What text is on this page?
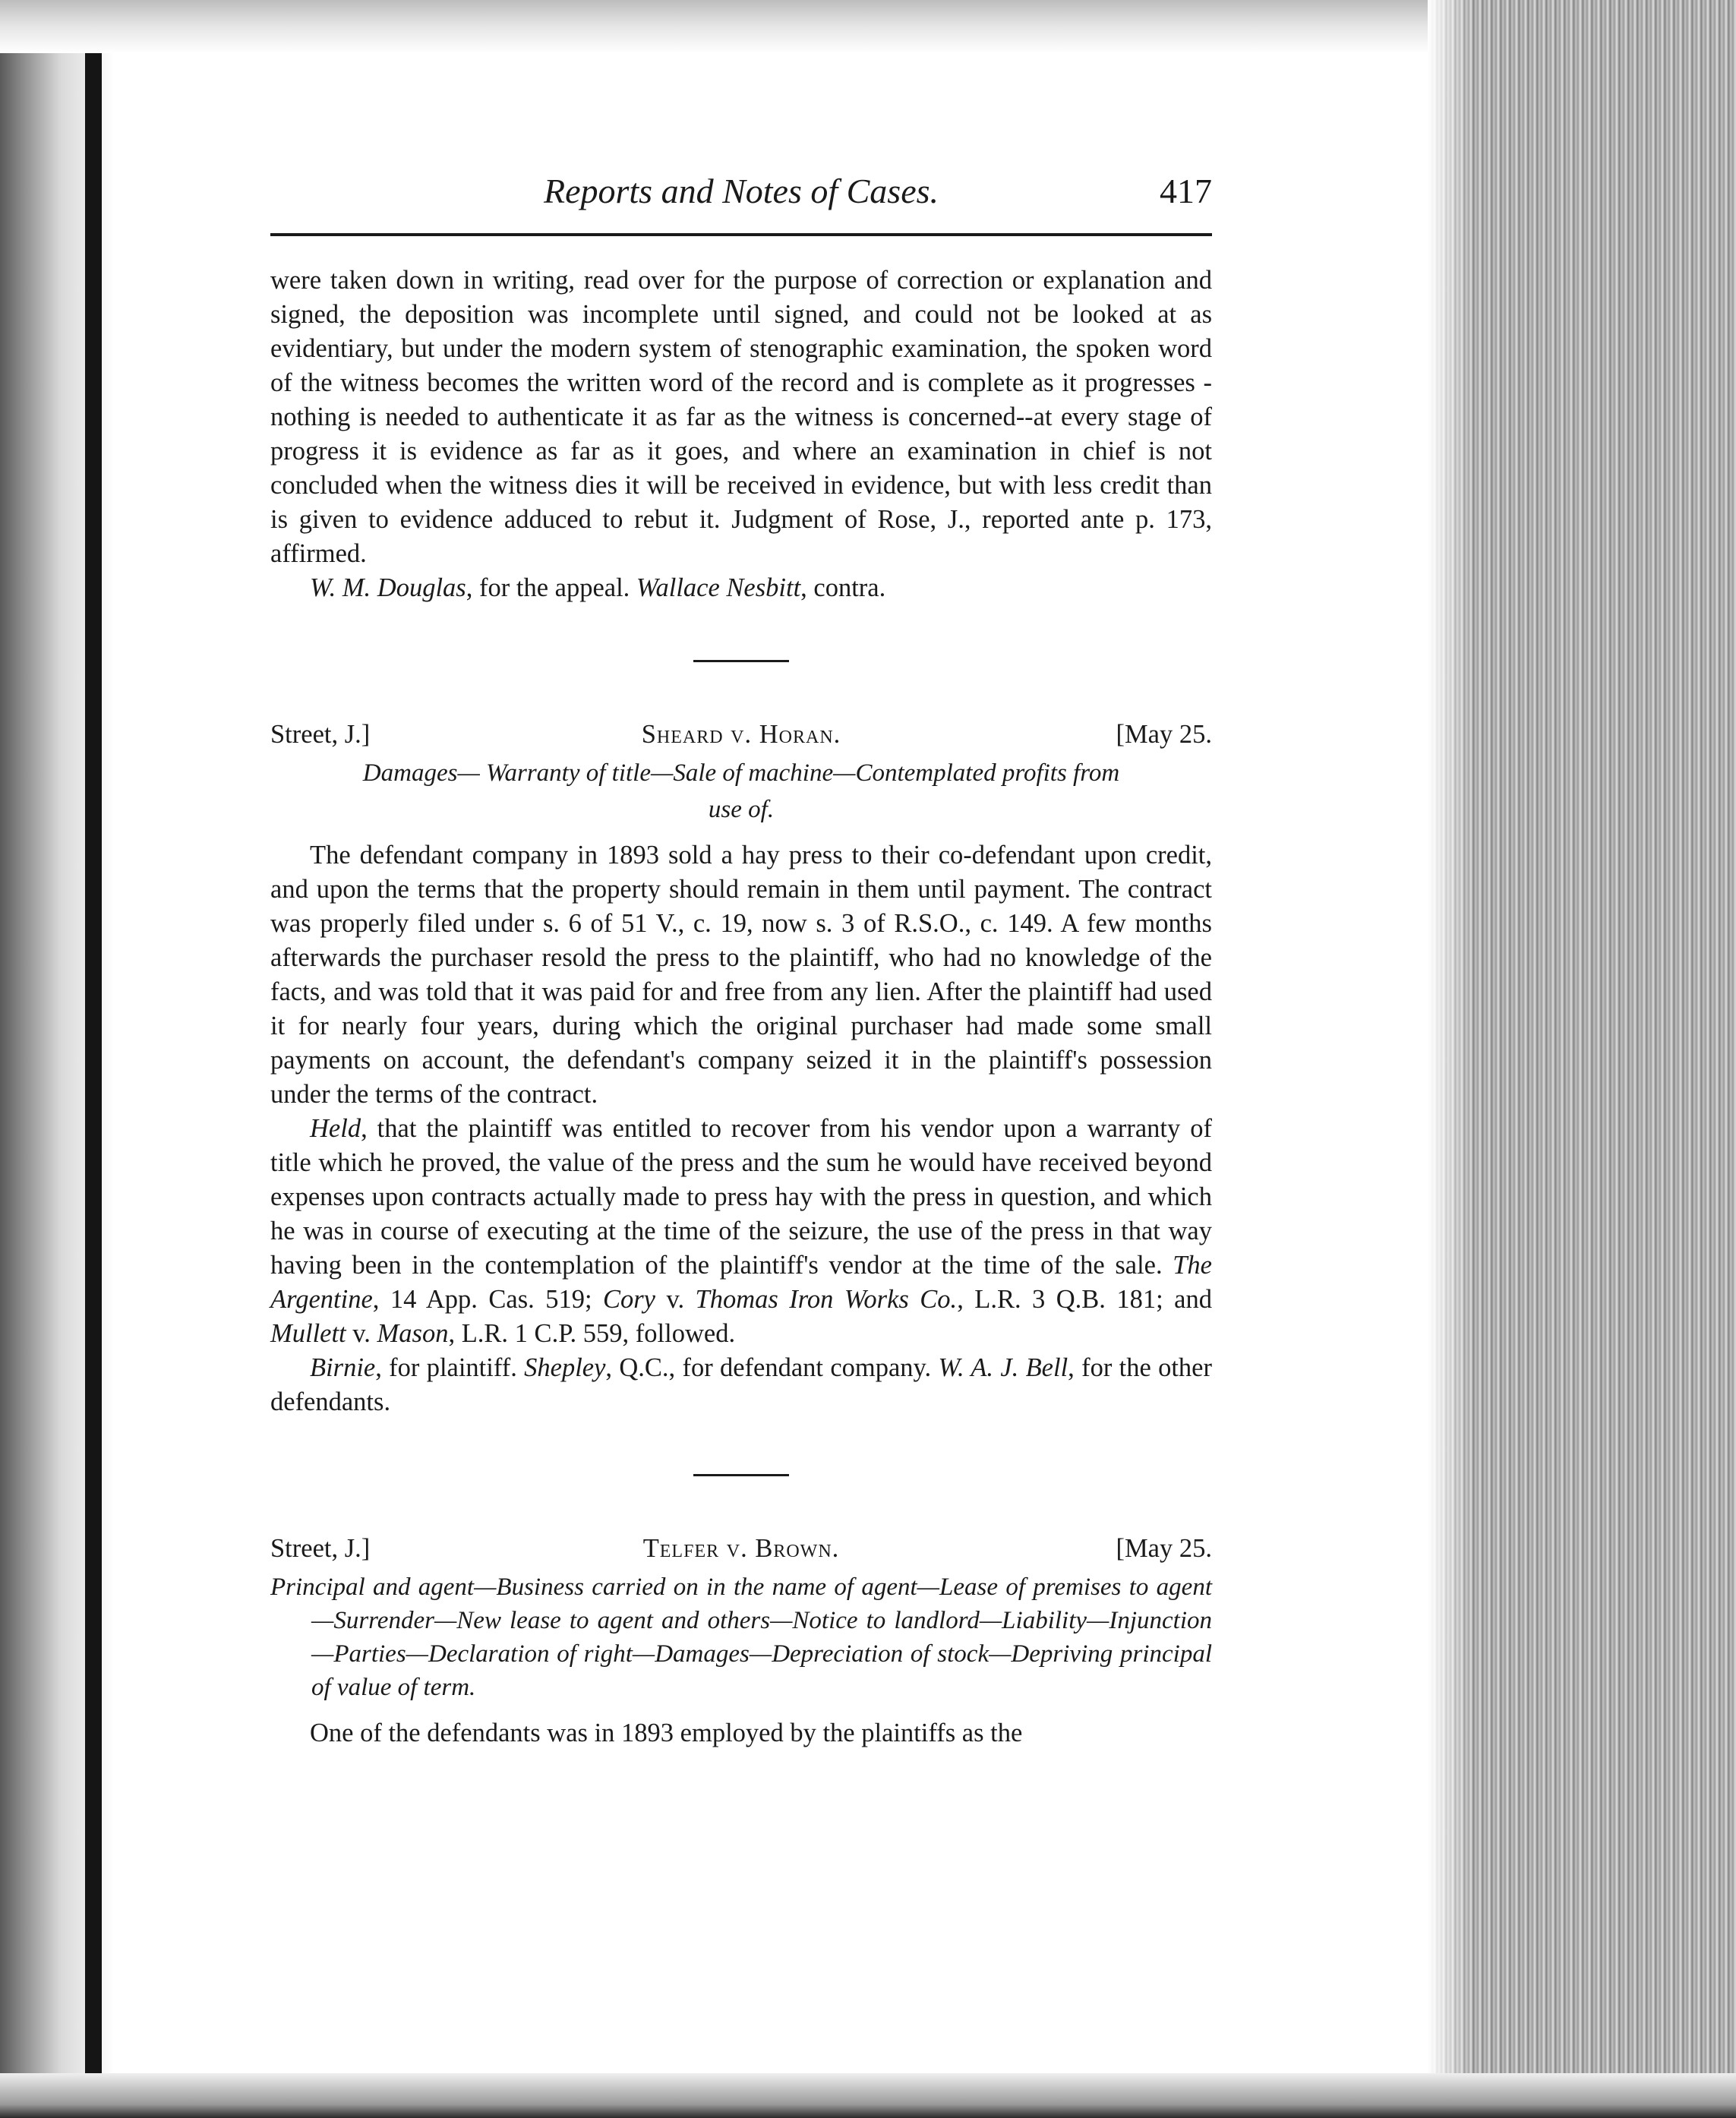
Reports and Notes of Cases.	417

were taken down in writing, read over for the purpose of correction or explanation and signed, the deposition was incomplete until signed, and could not be looked at as evidentiary, but under the modern system of stenographic examination, the spoken word of the witness becomes the written word of the record and is complete as it progresses - nothing is needed to authenticate it as far as the witness is concerned--at every stage of progress it is evidence as far as it goes, and where an examination in chief is not concluded when the witness dies it will be received in evidence, but with less credit than is given to evidence adduced to rebut it. Judgment of Rose, J., reported ante p. 173, affirmed.

W. M. Douglas, for the appeal. Wallace Nesbitt, contra.

Street, J.]	Sheard v. Horan.	[May 25.
Damages— Warranty of title—Sale of machine—Contemplated profits from
use of.

The defendant company in 1893 sold a hay press to their co-defendant upon credit, and upon the terms that the property should remain in them until payment. The contract was properly filed under s. 6 of 51 V., c. 19, now s. 3 of R.S.O., c. 149. A few months afterwards the purchaser resold the press to the plaintiff, who had no knowledge of the facts, and was told that it was paid for and free from any lien. After the plaintiff had used it for nearly four years, during which the original purchaser had made some small payments on account, the defendant's company seized it in the plaintiff's possession under the terms of the contract.

Held, that the plaintiff was entitled to recover from his vendor upon a warranty of title which he proved, the value of the press and the sum he would have received beyond expenses upon contracts actually made to press hay with the press in question, and which he was in course of executing at the time of the seizure, the use of the press in that way having been in the contemplation of the plaintiff's vendor at the time of the sale. The Argentine, 14 App. Cas. 519; Cory v. Thomas Iron Works Co., L.R. 3 Q.B. 181; and Mullett v. Mason, L.R. 1 C.P. 559, followed.

Birnie, for plaintiff. Shepley, Q.C., for defendant company. W. A. J. Bell, for the other defendants.

Street, J.]	Telfer v. Brown.	[May 25.
Principal and agent—Business carried on in the name of agent—Lease of premises to agent—Surrender—New lease to agent and others—Notice to landlord—Liability—Injunction—Parties—Declaration of right—Damages—Depreciation of stock—Depriving principal of value of term.

One of the defendants was in 1893 employed by the plaintiffs as the
